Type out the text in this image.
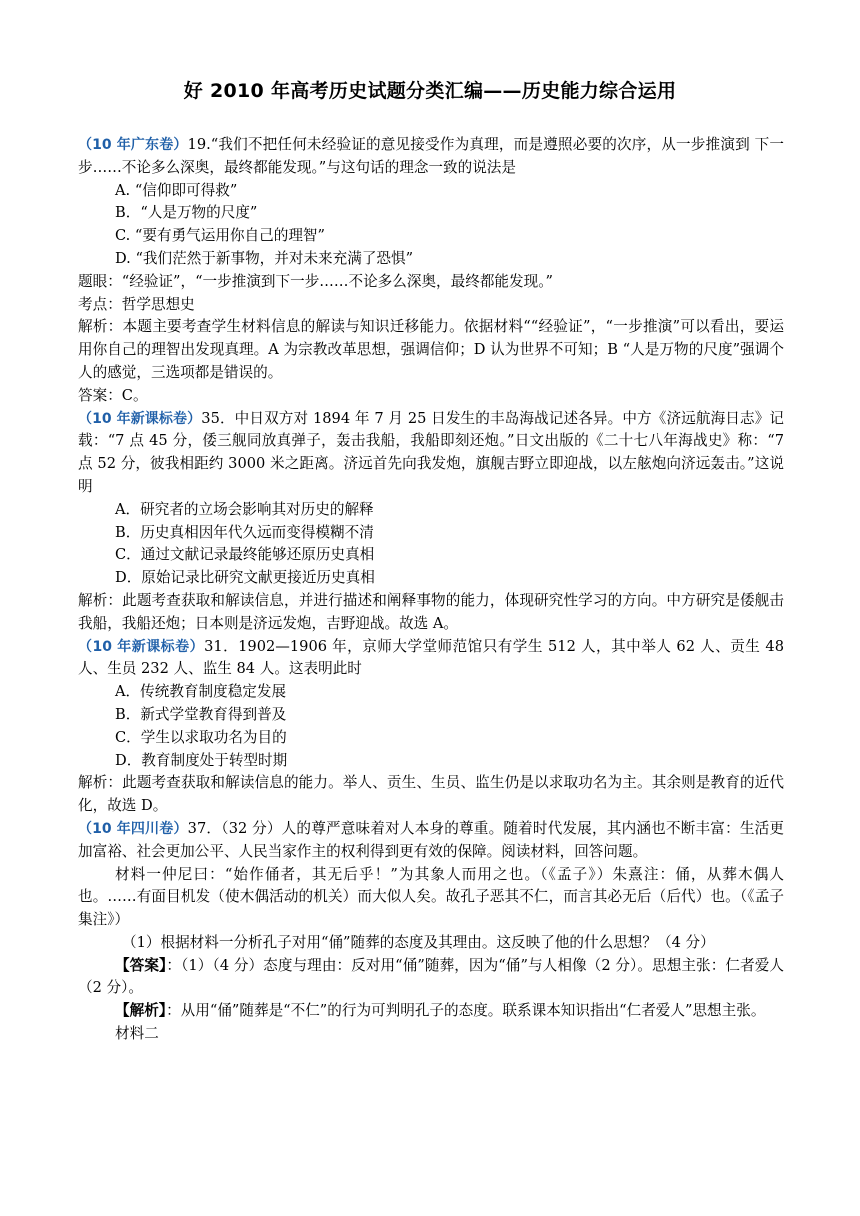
好 2010 年高考历史试题分类汇编——历史能力综合运用

（10 年广东卷）19.“我们不把任何未经验证的意见接受作为真理，而是遵照必要的次序，从一步推演到 下一步……不论多么深奥，最终都能发现。”与这句话的理念一致的说法是

A. “信仰即可得救”

B．“人是万物的尺度”

C. “要有勇气运用你自己的理智”

D. “我们茫然于新事物，并对未来充满了恐惧”

题眼：“经验证”，“一步推演到下一步……不论多么深奥，最终都能发现。”

考点：哲学思想史

解析：本题主要考查学生材料信息的解读与知识迁移能力。依据材料““经验证”，“一步推演”可以看出，要运用你自己的理智出发现真理。A 为宗教改革思想，强调信仰；D 认为世界不可知；B “人是万物的尺度”强调个人的感觉，三选项都是错误的。

答案：C。

（10 年新课标卷）35．中日双方对 1894 年 7 月 25 日发生的丰岛海战记述各异。中方《济远航海日志》记载：“7 点 45 分，倭三舰同放真弹子，轰击我船，我船即刻还炮。”日文出版的《二十七八年海战史》称：“7 点 52 分，彼我相距约 3000 米之距离。济远首先向我发炮，旗舰吉野立即迎战，以左舷炮向济远轰击。”这说明

A．研究者的立场会影响其对历史的解释

B．历史真相因年代久远而变得模糊不清

C．通过文献记录最终能够还原历史真相

D．原始记录比研究文献更接近历史真相

解析：此题考查获取和解读信息，并进行描述和阐释事物的能力，体现研究性学习的方向。中方研究是倭舰击我船，我船还炮；日本则是济远发炮，吉野迎战。故选 A。

（10 年新课标卷）31．1902—1906 年，京师大学堂师范馆只有学生 512 人，其中举人 62 人、贡生 48 人、生员 232 人、监生 84 人。这表明此时

A．传统教育制度稳定发展

B．新式学堂教育得到普及

C．学生以求取功名为目的

D．教育制度处于转型时期

解析：此题考查获取和解读信息的能力。举人、贡生、生员、监生仍是以求取功名为主。其余则是教育的近代化，故选 D。

（10 年四川卷）37．（32 分）人的尊严意味着对人本身的尊重。随着时代发展，其内涵也不断丰富：生活更加富裕、社会更加公平、人民当家作主的权利得到更有效的保障。阅读材料，回答问题。

材料一仲尼曰：“始作俑者，其无后乎！”为其象人而用之也。（《孟子》）朱熹注：俑，从葬木偶人也。……有面目机发（使木偶活动的机关）而大似人矣。故孔子恶其不仁，而言其必无后（后代）也。（《孟子集注》）

（1）根据材料一分析孔子对用“俑”随葬的态度及其理由。这反映了他的什么思想？（4 分）

【答案】：（1）（4 分）态度与理由：反对用“俑”随葬，因为“俑”与人相像（2 分）。思想主张：仁者爱人（2 分）。

【解析】：从用“俑”随葬是“不仁”的行为可判明孔子的态度。联系课本知识指出“仁者爱人”思想主张。

材料二
